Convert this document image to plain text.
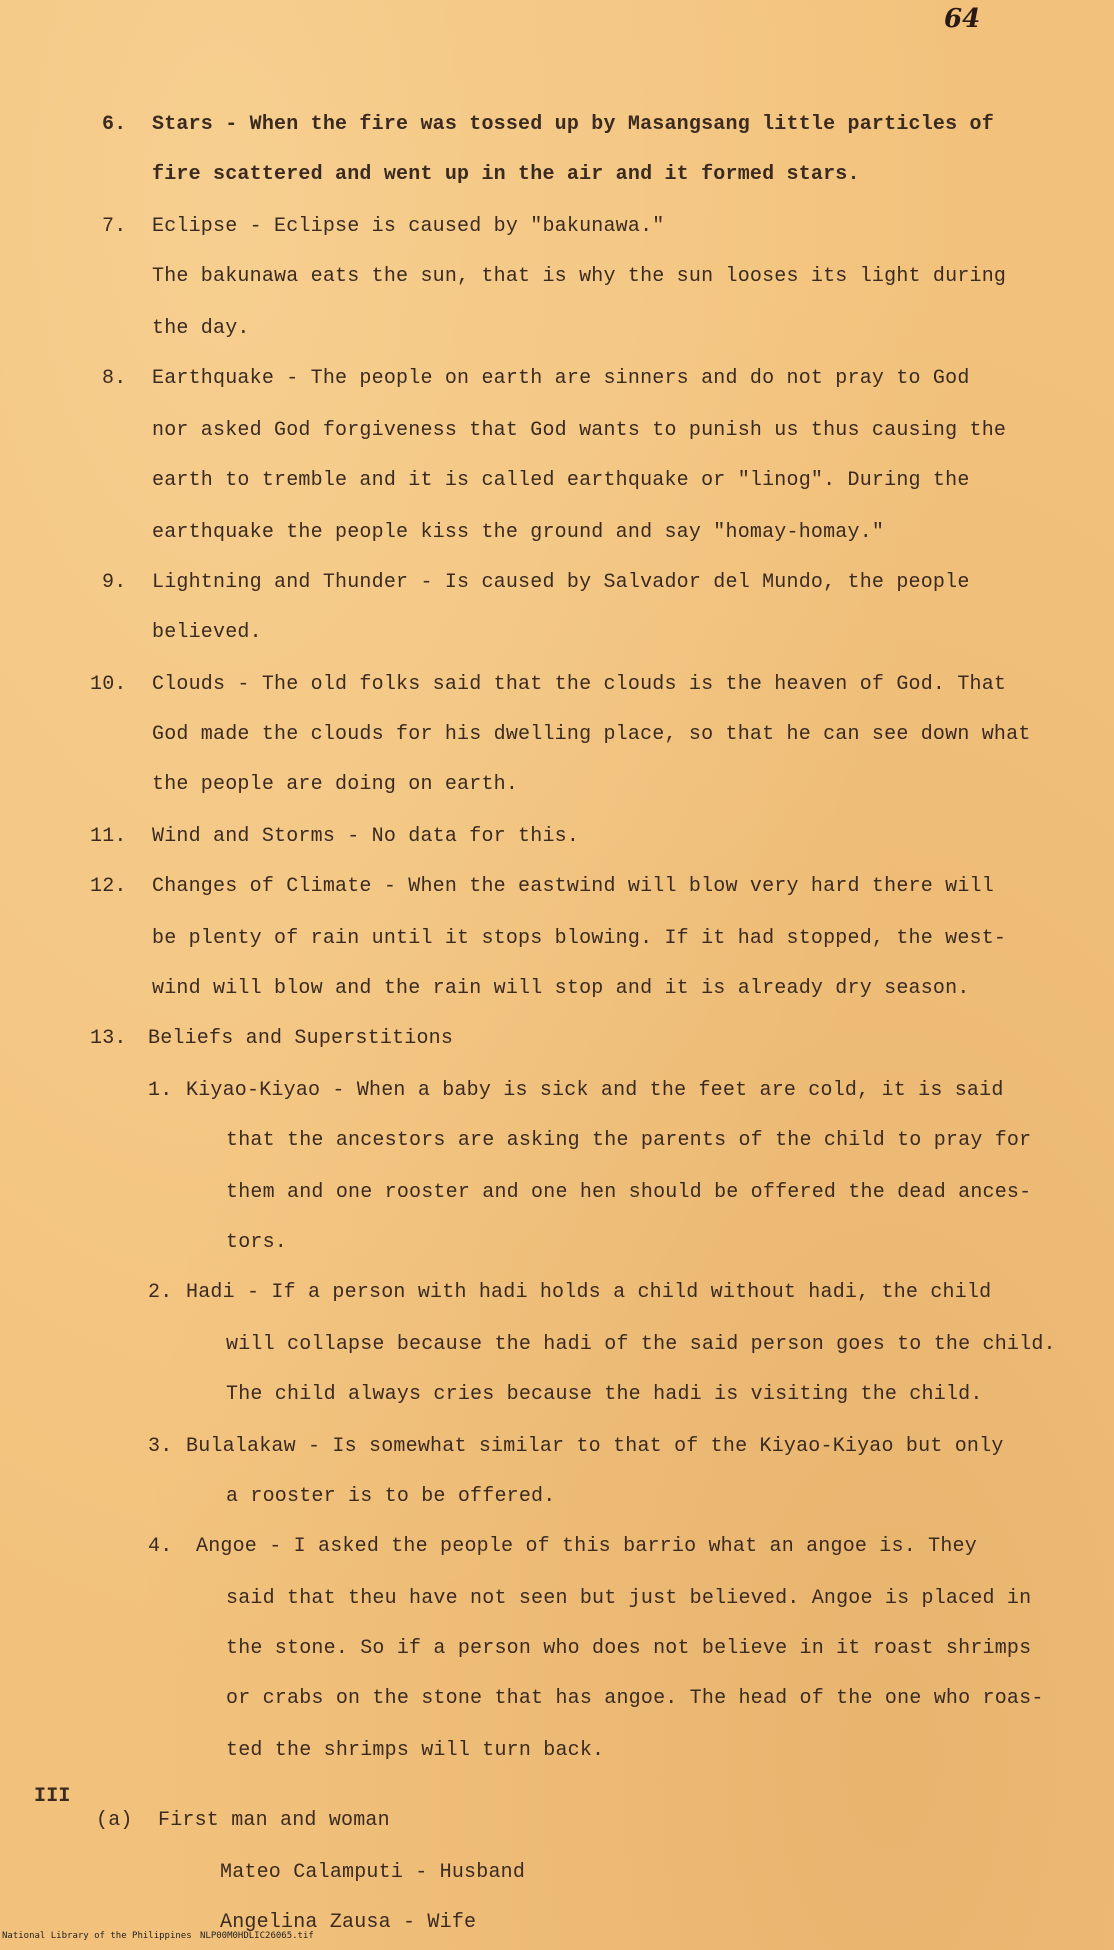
64
6. Stars - When the fire was tossed up by Masangsang little particles of
fire scattered and went up in the air and it formed stars.
7. Eclipse - Eclipse is caused by "bakunawa."
The bakunawa eats the sun, that is why the sun looses its light during
the day.
8. Earthquake - The people on earth are sinners and do not pray to God
nor asked God forgiveness that God wants to punish us thus causing the
earth to tremble and it is called earthquake or "linog". During the
earthquake the people kiss the ground and say "homay-homay."
9. Lightning and Thunder - Is caused by Salvador del Mundo, the people
believed.
10. Clouds - The old folks said that the clouds is the heaven of God. That
God made the clouds for his dwelling place, so that he can see down what
the people are doing on earth.
11. Wind and Storms - No data for this.
12. Changes of Climate - When the eastwind will blow very hard there will
be plenty of rain until it stops blowing. If it had stopped, the west-
wind will blow and the rain will stop and it is already dry season.
13. Beliefs and Superstitions
1. Kiyao-Kiyao - When a baby is sick and the feet are cold, it is said
that the ancestors are asking the parents of the child to pray for
them and one rooster and one hen should be offered the dead ances-
tors.
2. Hadi - If a person with hadi holds a child without hadi, the child
will collapse because the hadi of the said person goes to the child.
The child always cries because the hadi is visiting the child.
3. Bulalakaw - Is somewhat similar to that of the Kiyao-Kiyao but only
a rooster is to be offered.
4. Angoe - I asked the people of this barrio what an angoe is. They
said that theu have not seen but just believed. Angoe is placed in
the stone. So if a person who does not believe in it roast shrimps
or crabs on the stone that has angoe. The head of the one who roas-
ted the shrimps will turn back.
III
(a) First man and woman
Mateo Calamputi - Husband
Angelina Zausa - Wife
National Library of the Philippines NLP00M0HDLIC26065.tif
